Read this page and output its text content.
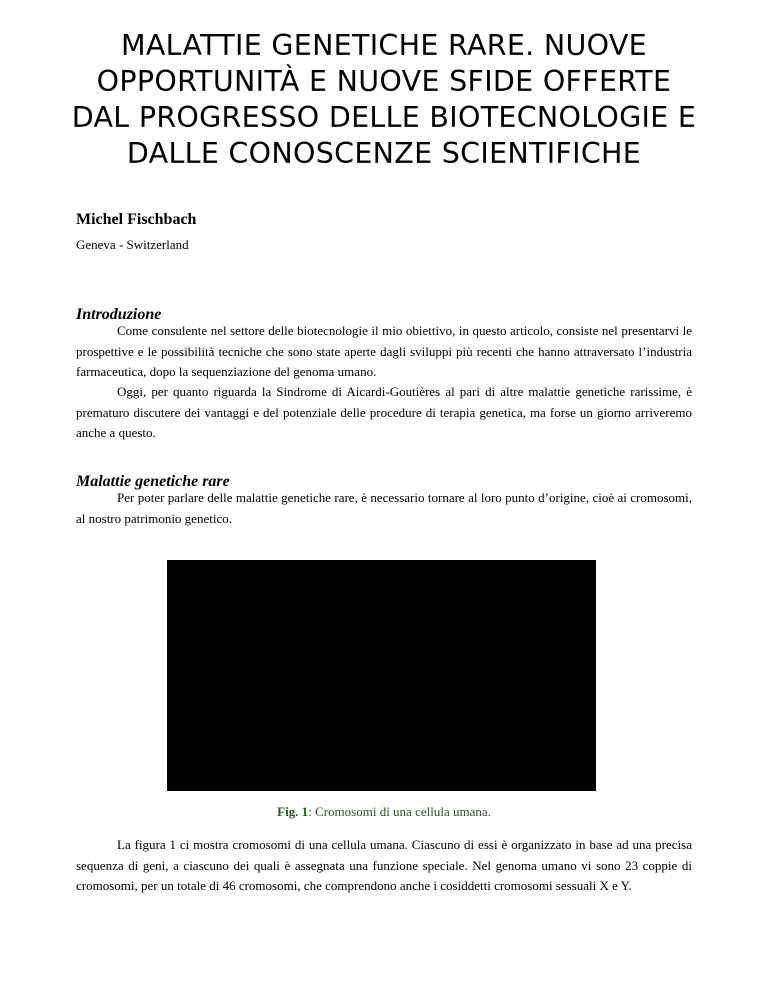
MALATTIE GENETICHE RARE. NUOVE
OPPORTUNITÀ E NUOVE SFIDE OFFERTE
DAL PROGRESSO DELLE BIOTECNOLOGIE E
DALLE CONOSCENZE SCIENTIFICHE

Michel Fischbach

Geneva - Switzerland

Introduzione

Come consulente nel settore delle biotecnologie il mio obiettivo, in questo articolo, consiste nel presentarvi le prospettive e le possibilità tecniche che sono state aperte dagli sviluppi più recenti che hanno attraversato l’industria farmaceutica, dopo la sequenziazione del genoma umano.

Oggi, per quanto riguarda la Sindrome di Aicardi-Goutières al pari di altre malattie genetiche rarissime, è prematuro discutere dei vantaggi e del potenziale delle procedure di terapia genetica, ma forse un giorno arriveremo anche a questo.

Malattie genetiche rare

Per poter parlare delle malattie genetiche rare, è necessario tornare al loro punto d’origine, cioè ai cromosomi, al nostro patrimonio genetico.

Fig. 1: Cromosomi di una cellula umana.

La figura 1 ci mostra cromosomi di una cellula umana. Ciascuno di essi è organizzato in base ad una precisa sequenza di geni, a ciascuno dei quali è assegnata una funzione speciale. Nel genoma umano vi sono 23 coppie di cromosomi, per un totale di 46 cromosomi, che comprendono anche i cosiddetti cromosomi sessuali X e Y.
